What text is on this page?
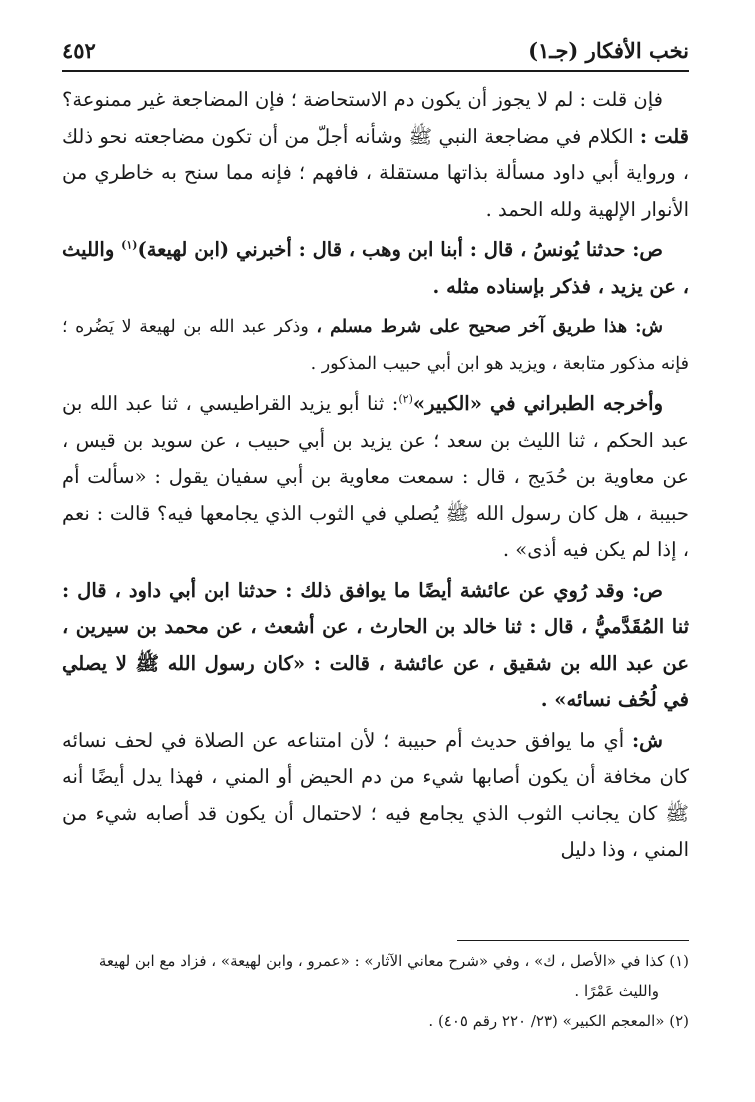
نخب الأفكار (جـ١)
٤٥٢

فإن قلت : لم لا يجوز أن يكون دم الاستحاضة ؛ فإن المضاجعة غير ممنوعة؟ قلت : الكلام في مضاجعة النبي ﷺ وشأنه أجلّ من أن تكون مضاجعته نحو ذلك ، ورواية أبي داود مسألة بذاتها مستقلة ، فافهم ؛ فإنه مما سنح به خاطري من الأنوار الإلهية ولله الحمد .

ص: حدثنا يُونسُ ، قال : أبنا ابن وهب ، قال : أخبرني (ابن لهيعة)$^{(١)}$ والليث ، عن يزيد ، فذكر بإسناده مثله .

ش: هذا طريق آخر صحيح على شرط مسلم ، وذكر عبد الله بن لهيعة لا يَضُره ؛ فإنه مذكور متابعة ، ويزيد هو ابن أبي حبيب المذكور .

وأخرجه الطبراني في «الكبير»$^{(٢)}$: ثنا أبو يزيد القراطيسي ، ثنا عبد الله بن عبد الحكم ، ثنا الليث بن سعد ؛ عن يزيد بن أبي حبيب ، عن سويد بن قيس ، عن معاوية بن حُدَيج ، قال : سمعت معاوية بن أبي سفيان يقول : «سألت أم حبيبة ، هل كان رسول الله ﷺ يُصلي في الثوب الذي يجامعها فيه؟ قالت : نعم ، إذا لم يكن فيه أذى» .

ص: وقد رُوي عن عائشة أيضًا ما يوافق ذلك : حدثنا ابن أبي داود ، قال : ثنا المُقَدَّميُّ ، قال : ثنا خالد بن الحارث ، عن أشعث ، عن محمد بن سيرين ، عن عبد الله بن شقيق ، عن عائشة ، قالت : «كان رسول الله ﷺ لا يصلي في لُحُف نسائه» .

ش: أي ما يوافق حديث أم حبيبة ؛ لأن امتناعه عن الصلاة في لحف نسائه كان مخافة أن يكون أصابها شيء من دم الحيض أو المني ، فهذا يدل أيضًا أنه ﷺ كان يجانب الثوب الذي يجامع فيه ؛ لاحتمال أن يكون قد أصابه شيء من المني ، وذا دليل

(١) كذا في «الأصل ، ك» ، وفي «شرح معاني الآثار» : «عمرو ، وابن لهيعة» ، فزاد مع ابن لهيعة
والليث عَمْرًا .

(٢) «المعجم الكبير» (٢٣/ ٢٢٠ رقم ٤٠٥) .
